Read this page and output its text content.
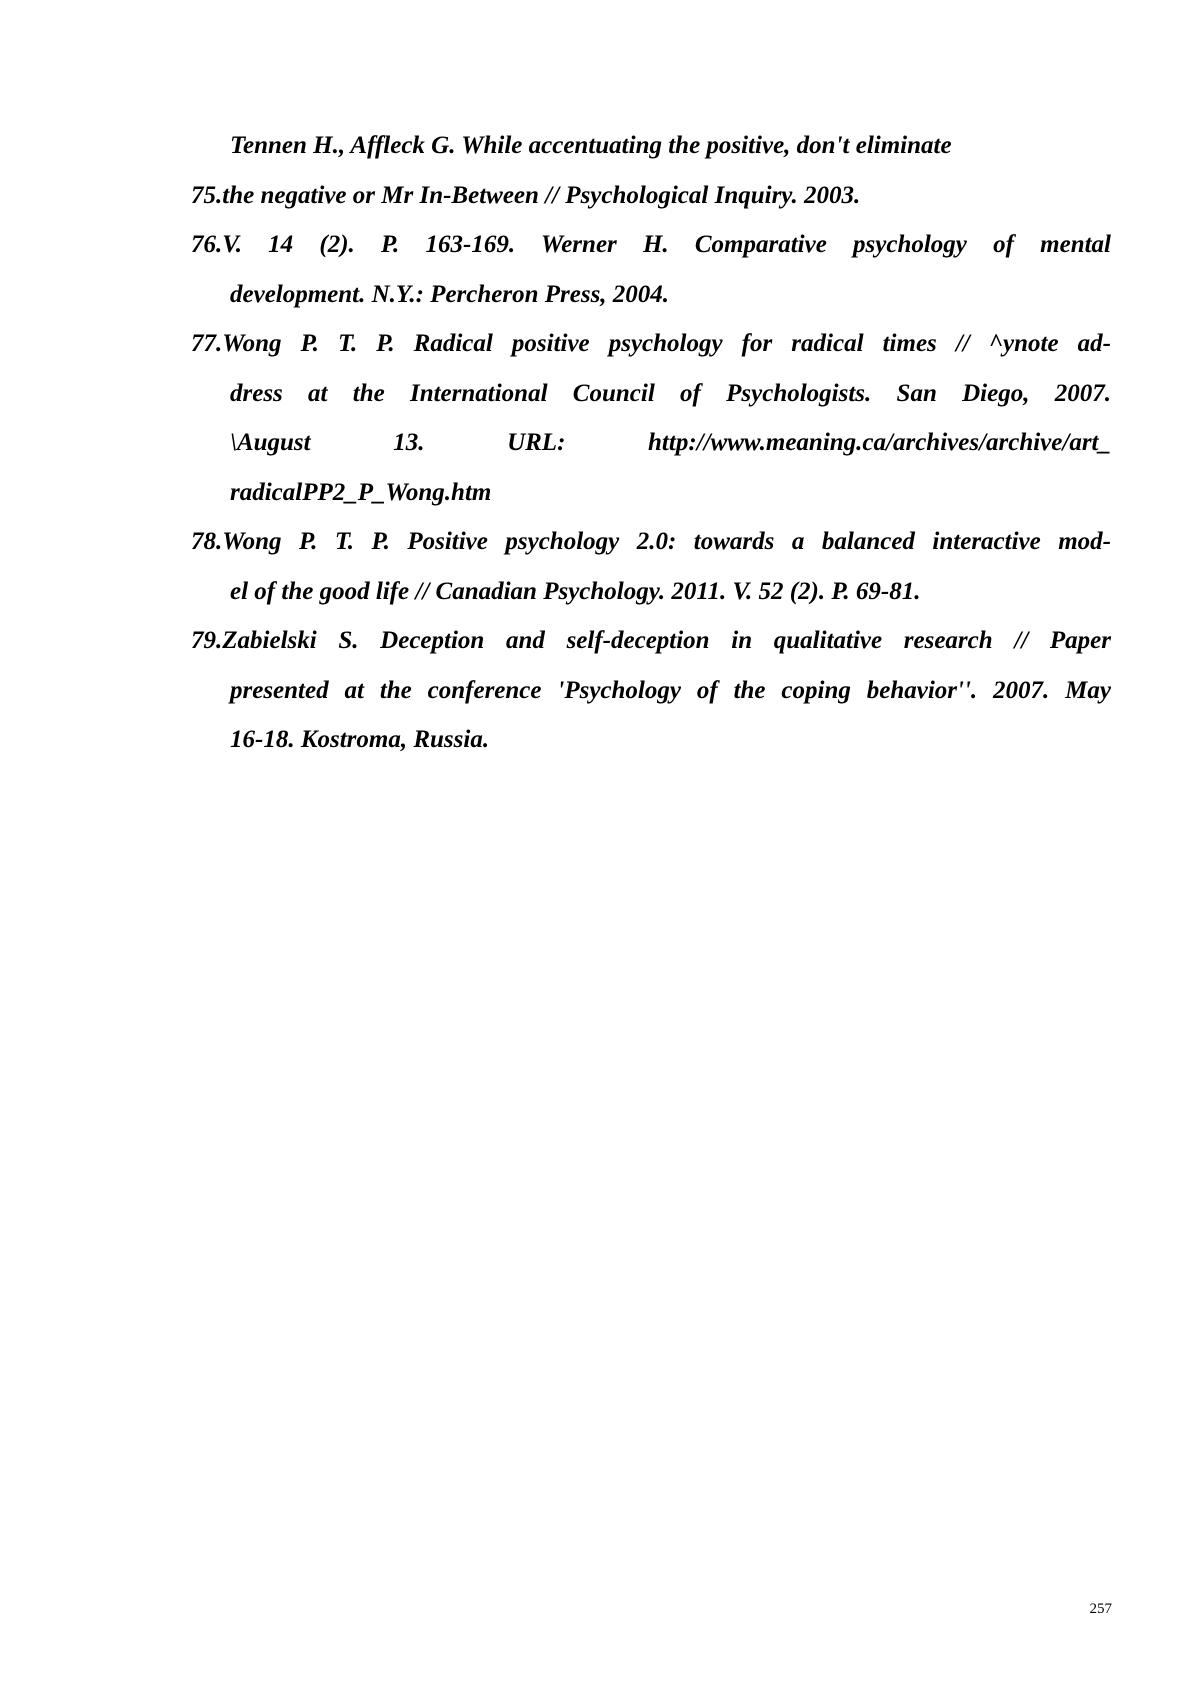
Tennen H., Affleck G. While accentuating the positive, don't eliminate
75.the negative or Mr In-Between // Psychological Inquiry. 2003.
76.V. 14 (2). P. 163-169. Werner H. Comparative psychology of mental
development. N.Y.: Percheron Press, 2004.
77.Wong P. T. P. Radical positive psychology for radical times // ^ynote ad-
dress at the International Council of Psychologists. San Diego, 2007.
\August 13. URL: http://www.meaning.ca/archives/archive/art_
radicalPP2_P_Wong.htm
78.Wong P. T. P. Positive psychology 2.0: towards a balanced interactive mod-
el of the good life // Canadian Psychology. 2011. V. 52 (2). P. 69-81.
79.Zabielski S. Deception and self-deception in qualitative research // Paper
presented at the conference 'Psychology of the coping behavior''. 2007. May
16-18. Kostroma, Russia.
257
